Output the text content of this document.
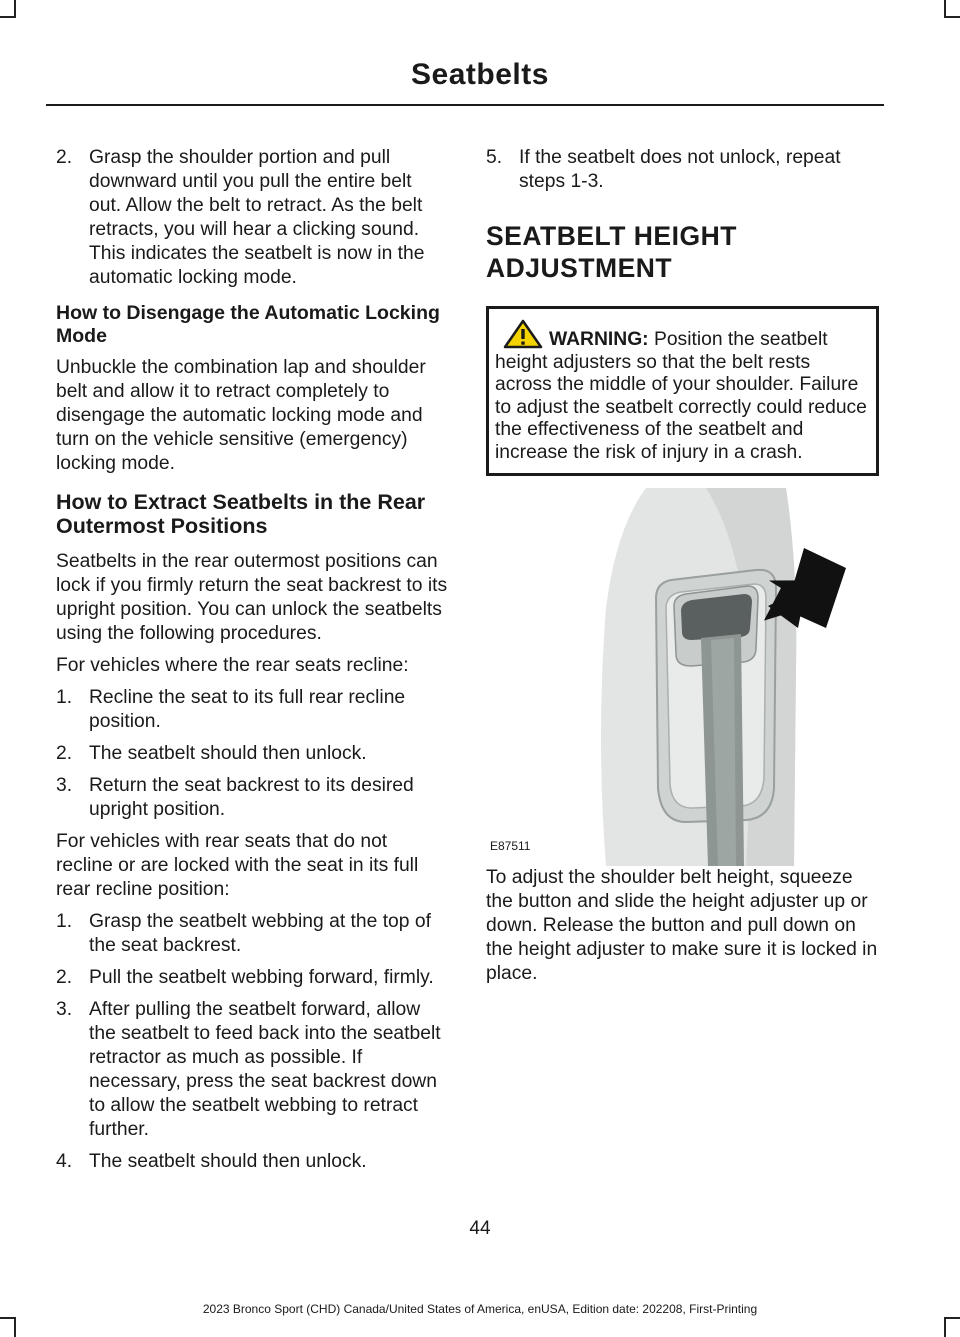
Seatbelts
2. Grasp the shoulder portion and pull downward until you pull the entire belt out. Allow the belt to retract. As the belt retracts, you will hear a clicking sound. This indicates the seatbelt is now in the automatic locking mode.
How to Disengage the Automatic Locking Mode

Unbuckle the combination lap and shoulder belt and allow it to retract completely to disengage the automatic locking mode and turn on the vehicle sensitive (emergency) locking mode.

How to Extract Seatbelts in the Rear Outermost Positions

Seatbelts in the rear outermost positions can lock if you firmly return the seat backrest to its upright position. You can unlock the seatbelts using the following procedures.

For vehicles where the rear seats recline:

1. Recline the seat to its full rear recline position.
2. The seatbelt should then unlock.
3. Return the seat backrest to its desired upright position.

For vehicles with rear seats that do not recline or are locked with the seat in its full rear recline position:

1. Grasp the seatbelt webbing at the top of the seat backrest.
2. Pull the seatbelt webbing forward, firmly.
3. After pulling the seatbelt forward, allow the seatbelt to feed back into the seatbelt retractor as much as possible. If necessary, press the seat backrest down to allow the seatbelt webbing to retract further.
4. The seatbelt should then unlock.
5. If the seatbelt does not unlock, repeat steps 1-3.
SEATBELT HEIGHT
ADJUSTMENT
WARNING: Position the seatbelt height adjusters so that the belt rests across the middle of your shoulder. Failure to adjust the seatbelt correctly could reduce the effectiveness of the seatbelt and increase the risk of injury in a crash.
E87511

To adjust the shoulder belt height, squeeze the button and slide the height adjuster up or down. Release the button and pull down on the height adjuster to make sure it is locked in place.

44
2023 Bronco Sport (CHD) Canada/United States of America, enUSA, Edition date: 202208, First-Printing
